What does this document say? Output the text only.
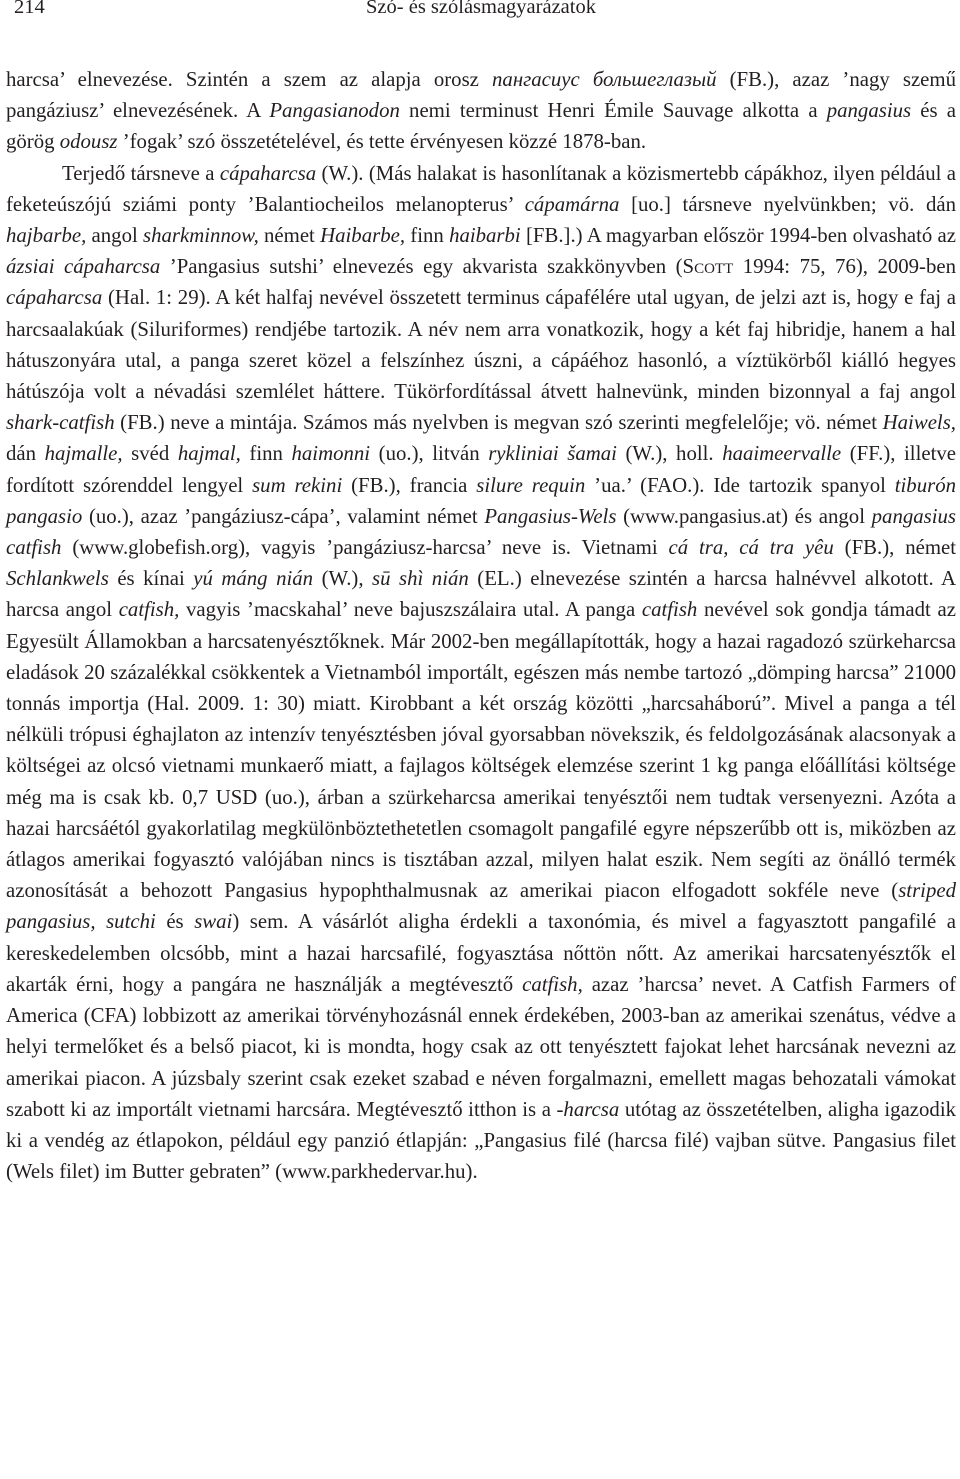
214	Szó- és szólásmagyarázatok

harcsa’ elnevezése. Szintén a szem az alapja orosz пангасиус большеглазый (FB.), azaz ’nagy szemű pangáziusz’ elnevezésének. A Pangasianodon nemi terminust Henri Émile Sauvage alkotta a pangasius és a görög odousz ’fogak’ szó összetételével, és tette érvényesen közzé 1878-ban.

Terjedő társneve a cápaharcsa (W.). (Más halakat is hasonlítanak a közismertebb cápákhoz, ilyen például a feketeúszójú sziámi ponty ’Balantiocheilos melanopterus’ cápamárna [uo.] társneve nyelvünkben; vö. dán hajbarbe, angol sharkminnow, német Haibarbe, finn haibarbi [FB.].) A magyarban először 1994-ben olvasható az ázsiai cápaharcsa ’Pangasius sutshi’ elnevezés egy akvarista szakkönyvben (Scott 1994: 75, 76), 2009-ben cápaharcsa (Hal. 1: 29). A két halfaj nevével összetett terminus cápafélére utal ugyan, de jelzi azt is, hogy e faj a harcsaalakúak (Siluriformes) rendjébe tartozik. A név nem arra vonatkozik, hogy a két faj hibridje, hanem a hal hátuszonyára utal, a panga szeret közel a felszínhez úszni, a cápáéhoz hasonló, a víztükörből kiálló hegyes hátúszója volt a névadási szemlélet háttere. Tükörfordítással átvett halnevünk, minden bizonnyal a faj angol shark-catfish (FB.) neve a mintája. Számos más nyelvben is megvan szó szerinti megfelelője; vö. német Haiwels, dán hajmalle, svéd hajmal, finn haimonni (uo.), litván rykliniai šamai (W.), holl. haaimeervalle (FF.), illetve fordított szórenddel lengyel sum rekini (FB.), francia silure requin ’ua.’ (FAO.). Ide tartozik spanyol tiburón pangasio (uo.), azaz ’pangáziusz-cápa’, valamint német Pangasius-Wels (www.pangasius.at) és angol pangasius catfish (www.globefish.org), vagyis ’pangáziusz-harcsa’ neve is. Vietnami cá tra, cá tra yêu (FB.), német Schlankwels és kínai yú máng nián (W.), sū shì nián (EL.) elnevezése szintén a harcsa halnévvel alkotott. A harcsa angol catfish, vagyis ’macskahal’ neve bajuszszálaira utal. A panga catfish nevével sok gondja támadt az Egyesült Államokban a harcsatenyésztőknek. Már 2002-ben megállapították, hogy a hazai ragadozó szürkeharcsa eladások 20 százalékkal csökkentek a Vietnamból importált, egészen más nembe tartozó „dömping harcsa” 21000 tonnás importja (Hal. 2009. 1: 30) miatt. Kirobbant a két ország közötti „harcsaháború”. Mivel a panga a tél nélküli trópusi éghajlaton az intenzív tenyésztésben jóval gyorsabban növekszik, és feldolgozásának alacsonyak a költségei az olcsó vietnami munkaerő miatt, a fajlagos költségek elemzése szerint 1 kg panga előállítási költsége még ma is csak kb. 0,7 USD (uo.), árban a szürkeharcsa amerikai tenyésztői nem tudtak versenyezni. Azóta a hazai harcsáétól gyakorlatilag megkülönböztethetetlen csomagolt pangafilé egyre népszerűbb ott is, miközben az átlagos amerikai fogyasztó valójában nincs is tisztában azzal, milyen halat eszik. Nem segíti az önálló termék azonosítását a behozott Pangasius hypophthalmusnak az amerikai piacon elfogadott sokféle neve (striped pangasius, sutchi és swai) sem. A vásárlót aligha érdekli a taxonómia, és mivel a fagyasztott pangafilé a kereskedelemben olcsóbb, mint a hazai harcsafilé, fogyasztása nőttön nőtt. Az amerikai harcsatenyésztők el akarták érni, hogy a pangára ne használják a megtévesztő catfish, azaz ’harcsa’ nevet. A Catfish Farmers of America (CFA) lobbizott az amerikai törvényhozásnál ennek érdekében, 2003-ban az amerikai szenátus, védve a helyi termelőket és a belső piacot, ki is mondta, hogy csak az ott tenyésztett fajokat lehet harcsának nevezni az amerikai piacon. A júzsbaly szerint csak ezeket szabad e néven forgalmazni, emellett magas behozatali vámokat szabott ki az importált vietnami harcsára. Megtévesztő itthon is a -harcsa utótag az összetételben, aligha igazodik ki a vendég az étlapokon, például egy panzió étlapján: „Pangasius filé (harcsa filé) vajban sütve. Pangasius filet (Wels filet) im Butter gebraten” (www.parkhedervar.hu).
